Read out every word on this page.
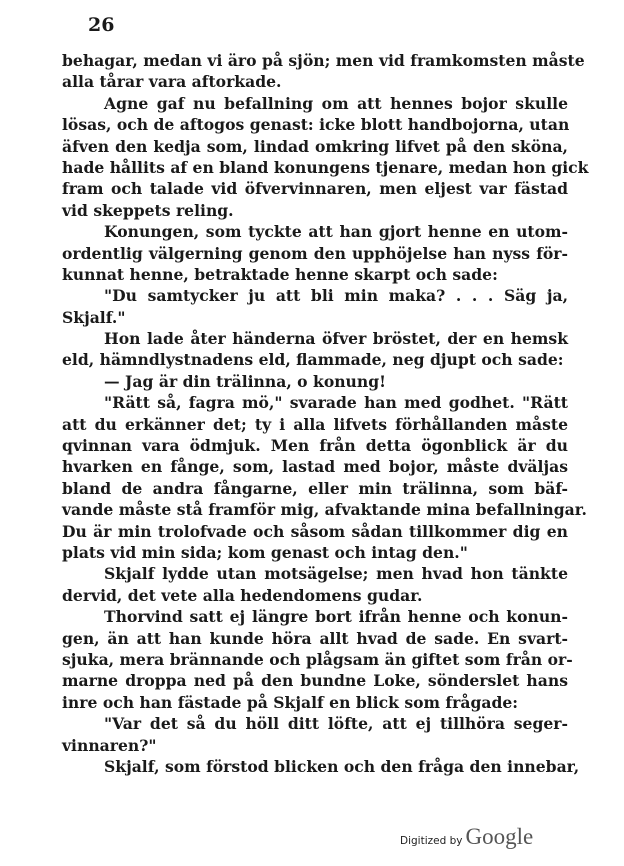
26
behagar, medan vi äro på sjön; men vid framkomsten måste
alla tårar vara aftorkade.
Agne gaf nu befallning om att hennes bojor skulle
lösas, och de aftogos genast: icke blott handbojorna, utan
äfven den kedja som, lindad omkring lifvet på den sköna,
hade hållits af en bland konungens tjenare, medan hon gick
fram och talade vid öfvervinnaren, men eljest var fästad
vid skeppets reling.
Konungen, som tyckte att han gjort henne en utom-
ordentlig välgerning genom den upphöjelse han nyss för-
kunnat henne, betraktade henne skarpt och sade:
"Du samtycker ju att bli min maka? . . . Säg ja,
Skjalf."
Hon lade åter händerna öfver bröstet, der en hemsk
eld, hämndlystnadens eld, flammade, neg djupt och sade:
— Jag är din trälinna, o konung!
"Rätt så, fagra mö," svarade han med godhet. "Rätt
att du erkänner det; ty i alla lifvets förhållanden måste
qvinnan vara ödmjuk. Men från detta ögonblick är du
hvarken en fånge, som, lastad med bojor, måste dväljas
bland de andra fångarne, eller min trälinna, som bäf-
vande måste stå framför mig, afvaktande mina befallningar.
Du är min trolofvade och såsom sådan tillkommer dig en
plats vid min sida; kom genast och intag den."
Skjalf lydde utan motsägelse; men hvad hon tänkte
dervid, det vete alla hedendomens gudar.
Thorvind satt ej längre bort ifrån henne och konun-
gen, än att han kunde höra allt hvad de sade. En svart-
sjuka, mera brännande och plågsam än giftet som från or-
marne droppa ned på den bundne Loke, sönderslet hans
inre och han fästade på Skjalf en blick som frågade:
"Var det så du höll ditt löfte, att ej tillhöra seger-
vinnaren?"
Skjalf, som förstod blicken och den fråga den innebar,
Digitized by Google
